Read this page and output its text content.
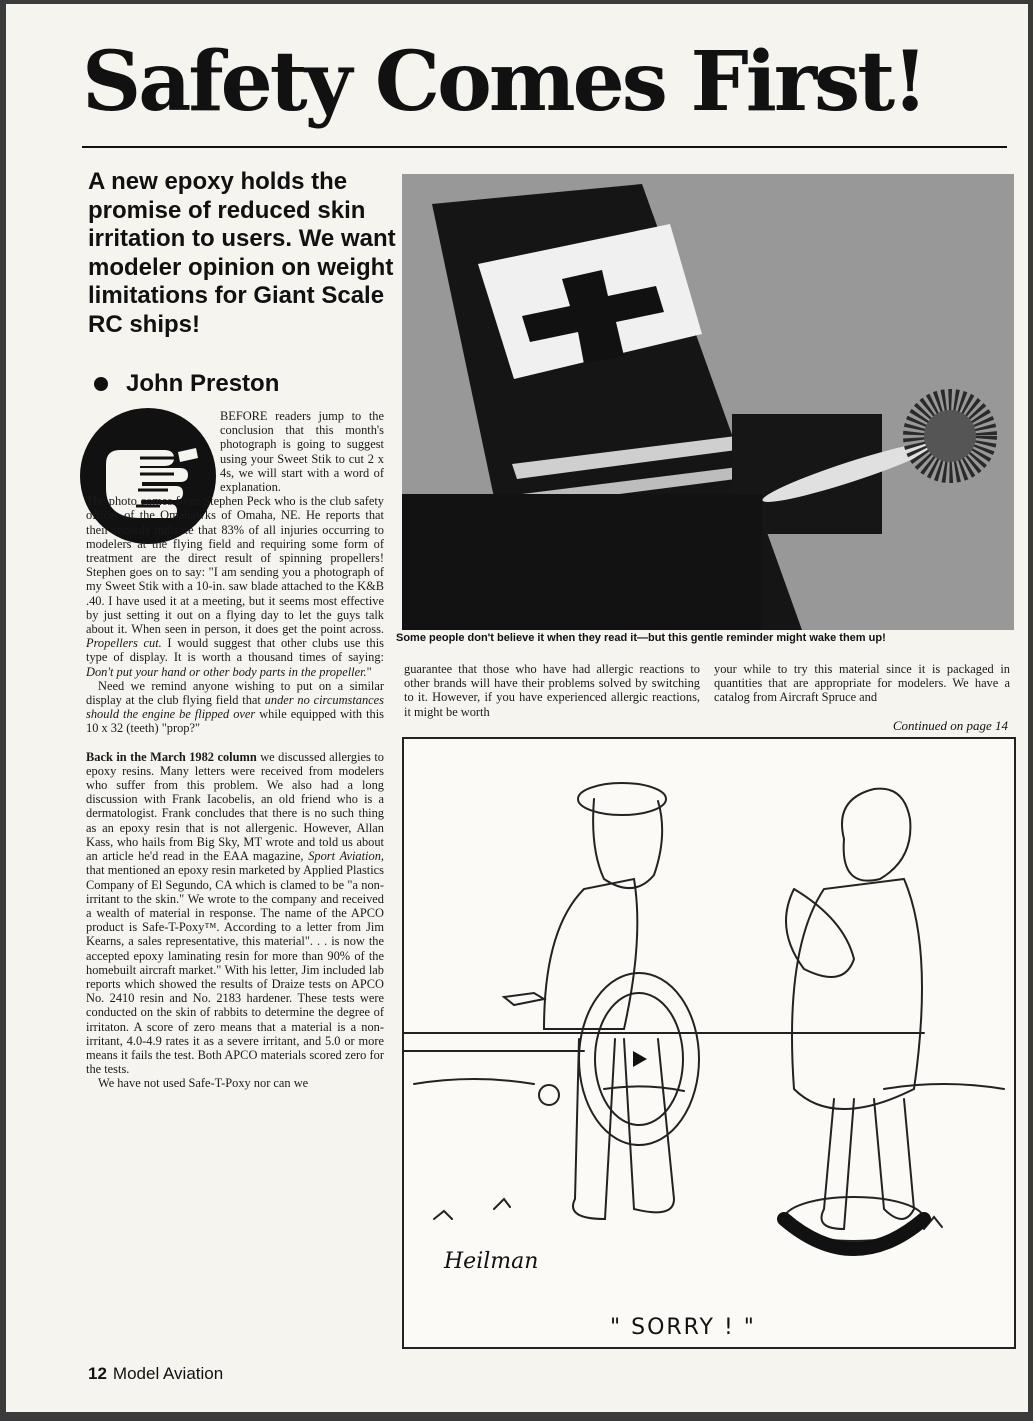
Safety Comes First!
A new epoxy holds the promise of reduced skin irritation to users. We want modeler opinion on weight limitations for Giant Scale RC ships!
John Preston

BEFORE readers jump to the conclusion that this month's photograph is going to suggest using your Sweet Stik to cut 2 x 4s, we will start with a word of explanation.

The photo comes from Stephen Peck who is the club safety officer of the Omahawks of Omaha, NE. He reports that their records indicate that 83% of all injuries occurring to modelers at the flying field and requiring some form of treatment are the direct result of spinning propellers! Stephen goes on to say: "I am sending you a photograph of my Sweet Stik with a 10-in. saw blade attached to the K&B .40. I have used it at a meeting, but it seems most effective by just setting it out on a flying day to let the guys talk about it. When seen in person, it does get the point across. Propellers cut. I would suggest that other clubs use this type of display. It is worth a thousand times of saying: Don't put your hand or other body parts in the propeller."

Need we remind anyone wishing to put on a similar display at the club flying field that under no circumstances should the engine be flipped over while equipped with this 10 x 32 (teeth) "prop?"

Back in the March 1982 column we discussed allergies to epoxy resins. Many letters were received from modelers who suffer from this problem. We also had a long discussion with Frank Iacobelis, an old friend who is a dermatologist. Frank concludes that there is no such thing as an epoxy resin that is not allergenic. However, Allan Kass, who hails from Big Sky, MT wrote and told us about an article he'd read in the EAA magazine, Sport Aviation, that mentioned an epoxy resin marketed by Applied Plastics Company of El Segundo, CA which is clamed to be "a non-irritant to the skin." We wrote to the company and received a wealth of material in response. The name of the APCO product is Safe-T-Poxy™. According to a letter from Jim Kearns, a sales representative, this material". . . is now the accepted epoxy laminating resin for more than 90% of the homebuilt aircraft market." With his letter, Jim included lab reports which showed the results of Draize tests on APCO No. 2410 resin and No. 2183 hardener. These tests were conducted on the skin of rabbits to determine the degree of irritaton. A score of zero means that a material is a non-irritant, 4.0-4.9 rates it as a severe irritant, and 5.0 or more means it fails the test. Both APCO materials scored zero for the tests.

We have not used Safe-T-Poxy nor can we

Some people don't believe it when they read it—but this gentle reminder might wake them up!

guarantee that those who have had allergic reactions to other brands will have their problems solved by switching to it. However, if you have experienced allergic reactions, it might be worth

your while to try this material since it is packaged in quantities that are appropriate for modelers. We have a catalog from Aircraft Spruce and

Continued on page 14
Heilman
" SORRY ! "
12 Model Aviation
